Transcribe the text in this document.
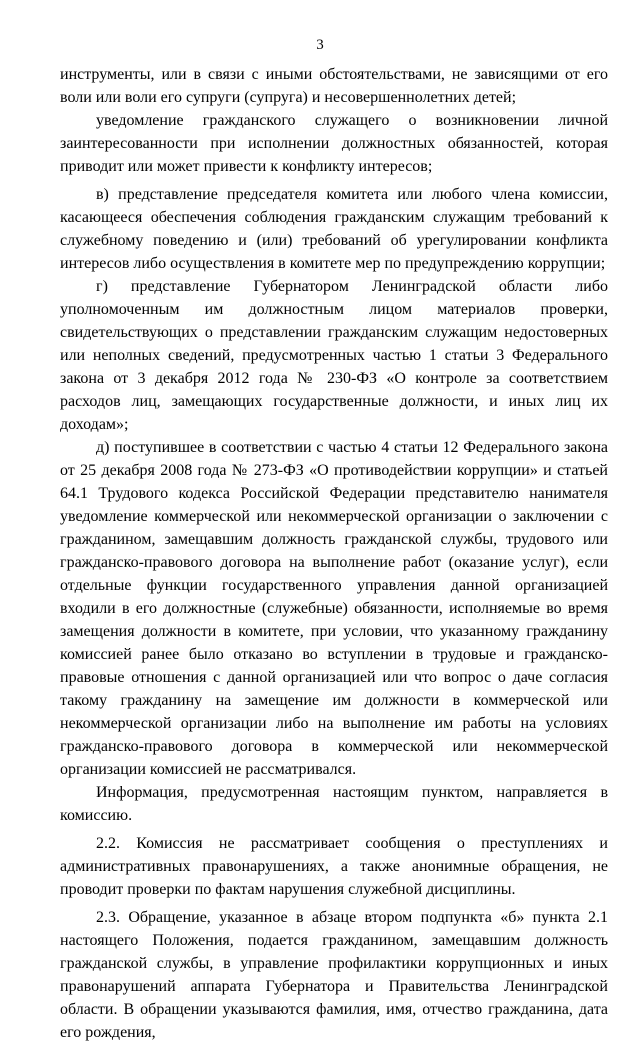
3

инструменты, или в связи с иными обстоятельствами, не зависящими от его воли или воли его супруги (супруга) и несовершеннолетних детей;

уведомление гражданского служащего о возникновении личной заинтересованности при исполнении должностных обязанностей, которая приводит или может привести к конфликту интересов;

в) представление председателя комитета или любого члена комиссии, касающееся обеспечения соблюдения гражданским служащим требований к служебному поведению и (или) требований об урегулировании конфликта интересов либо осуществления в комитете мер по предупреждению коррупции;

г) представление Губернатором Ленинградской области либо уполномоченным им должностным лицом материалов проверки, свидетельствующих о представлении гражданским служащим недостоверных или неполных сведений, предусмотренных частью 1 статьи 3 Федерального закона от 3 декабря 2012 года № 230-ФЗ «О контроле за соответствием расходов лиц, замещающих государственные должности, и иных лиц их доходам»;

д) поступившее в соответствии с частью 4 статьи 12 Федерального закона от 25 декабря 2008 года № 273-ФЗ «О противодействии коррупции» и статьей 64.1 Трудового кодекса Российской Федерации представителю нанимателя уведомление коммерческой или некоммерческой организации о заключении с гражданином, замещавшим должность гражданской службы, трудового или гражданско-правового договора на выполнение работ (оказание услуг), если отдельные функции государственного управления данной организацией входили в его должностные (служебные) обязанности, исполняемые во время замещения должности в комитете, при условии, что указанному гражданину комиссией ранее было отказано во вступлении в трудовые и гражданско-правовые отношения с данной организацией или что вопрос о даче согласия такому гражданину на замещение им должности в коммерческой или некоммерческой организации либо на выполнение им работы на условиях гражданско-правового договора в коммерческой или некоммерческой организации комиссией не рассматривался.

Информация, предусмотренная настоящим пунктом, направляется в комиссию.

2.2. Комиссия не рассматривает сообщения о преступлениях и административных правонарушениях, а также анонимные обращения, не проводит проверки по фактам нарушения служебной дисциплины.

2.3. Обращение, указанное в абзаце втором подпункта «б» пункта 2.1 настоящего Положения, подается гражданином, замещавшим должность гражданской службы, в управление профилактики коррупционных и иных правонарушений аппарата Губернатора и Правительства Ленинградской области. В обращении указываются фамилия, имя, отчество гражданина, дата его рождения,
